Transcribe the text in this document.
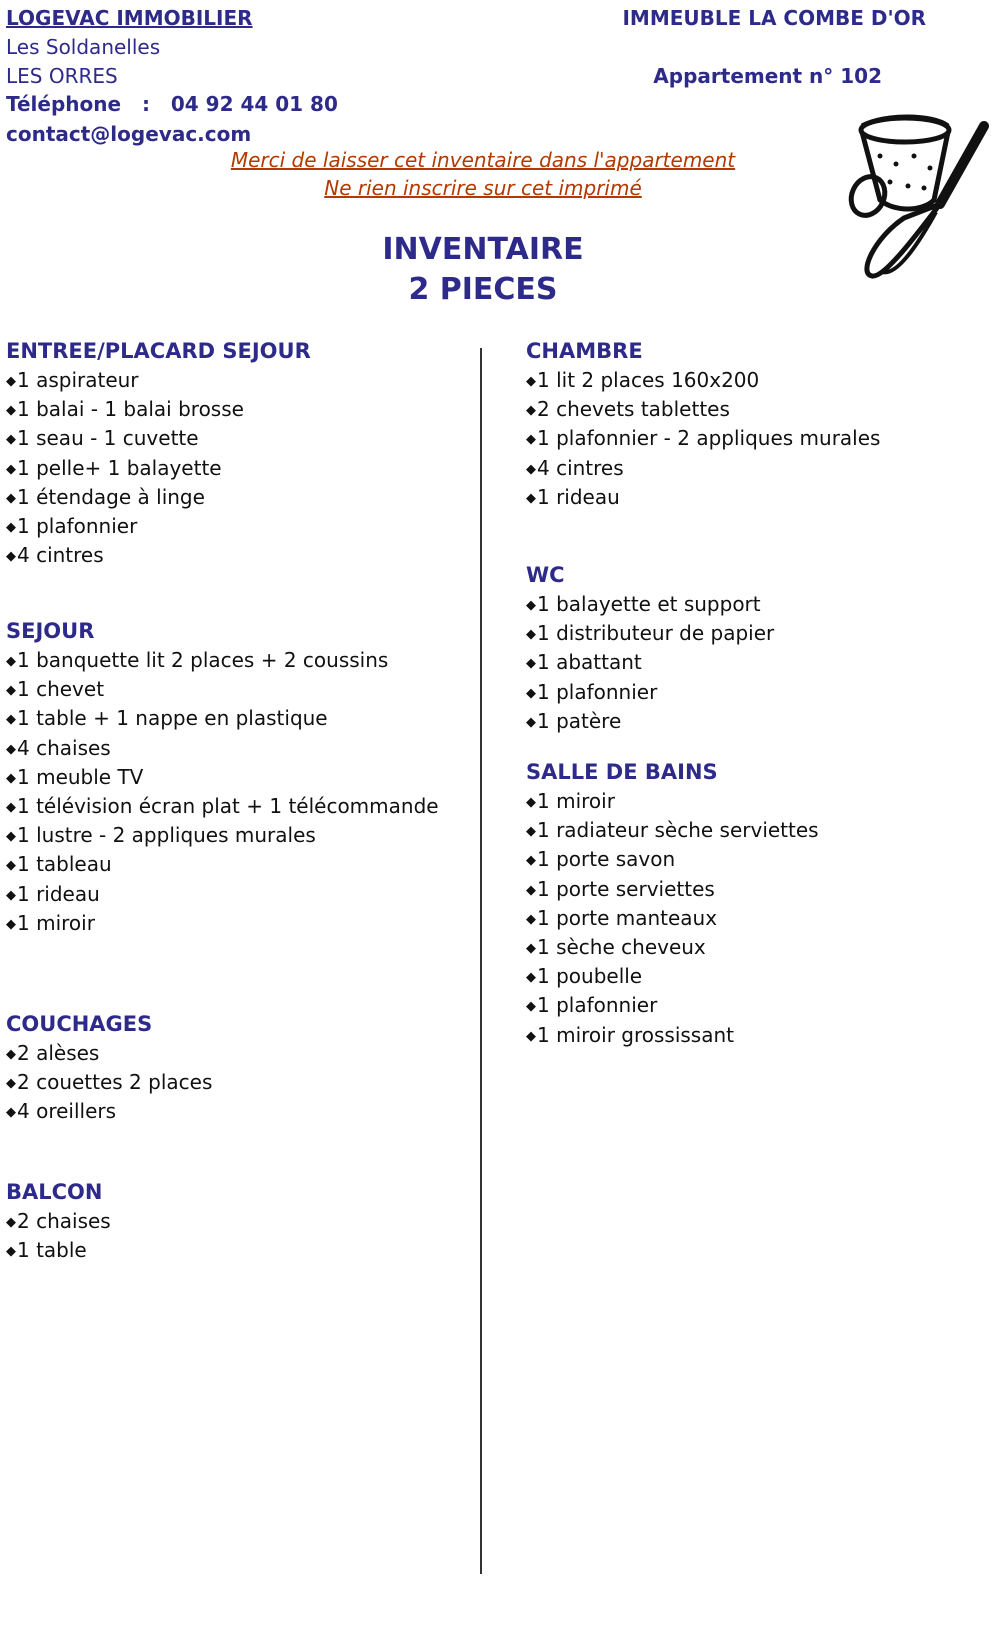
LOGEVAC IMMOBILIER
Les Soldanelles
LES ORRES
Téléphone : 04 92 44 01 80
contact@logevac.com
IMMEUBLE LA COMBE D'OR
Appartement n° 102
Merci de laisser cet inventaire dans l'appartement
Ne rien inscrire sur cet imprimé
INVENTAIRE
2 PIECES
ENTREE/PLACARD SEJOUR
◆1 aspirateur
◆1 balai - 1 balai brosse
◆1 seau - 1 cuvette
◆1 pelle+ 1 balayette
◆1 étendage à linge
◆1 plafonnier
◆4 cintres
SEJOUR
◆1 banquette lit 2 places + 2 coussins
◆1 chevet
◆1 table + 1 nappe en plastique
◆4 chaises
◆1 meuble TV
◆1 télévision écran plat + 1 télécommande
◆1 lustre - 2 appliques murales
◆1 tableau
◆1 rideau
◆1 miroir
COUCHAGES
◆2 alèses
◆2 couettes 2 places
◆4 oreillers
BALCON
◆2 chaises
◆1 table
CHAMBRE
◆1 lit 2 places 160x200
◆2 chevets tablettes
◆1 plafonnier - 2 appliques murales
◆4 cintres
◆1 rideau
WC
◆1 balayette et support
◆1 distributeur de papier
◆1 abattant
◆1 plafonnier
◆1 patère
SALLE DE BAINS
◆1 miroir
◆1 radiateur sèche serviettes
◆1 porte savon
◆1 porte serviettes
◆1 porte manteaux
◆1 sèche cheveux
◆1 poubelle
◆1 plafonnier
◆1 miroir grossissant
